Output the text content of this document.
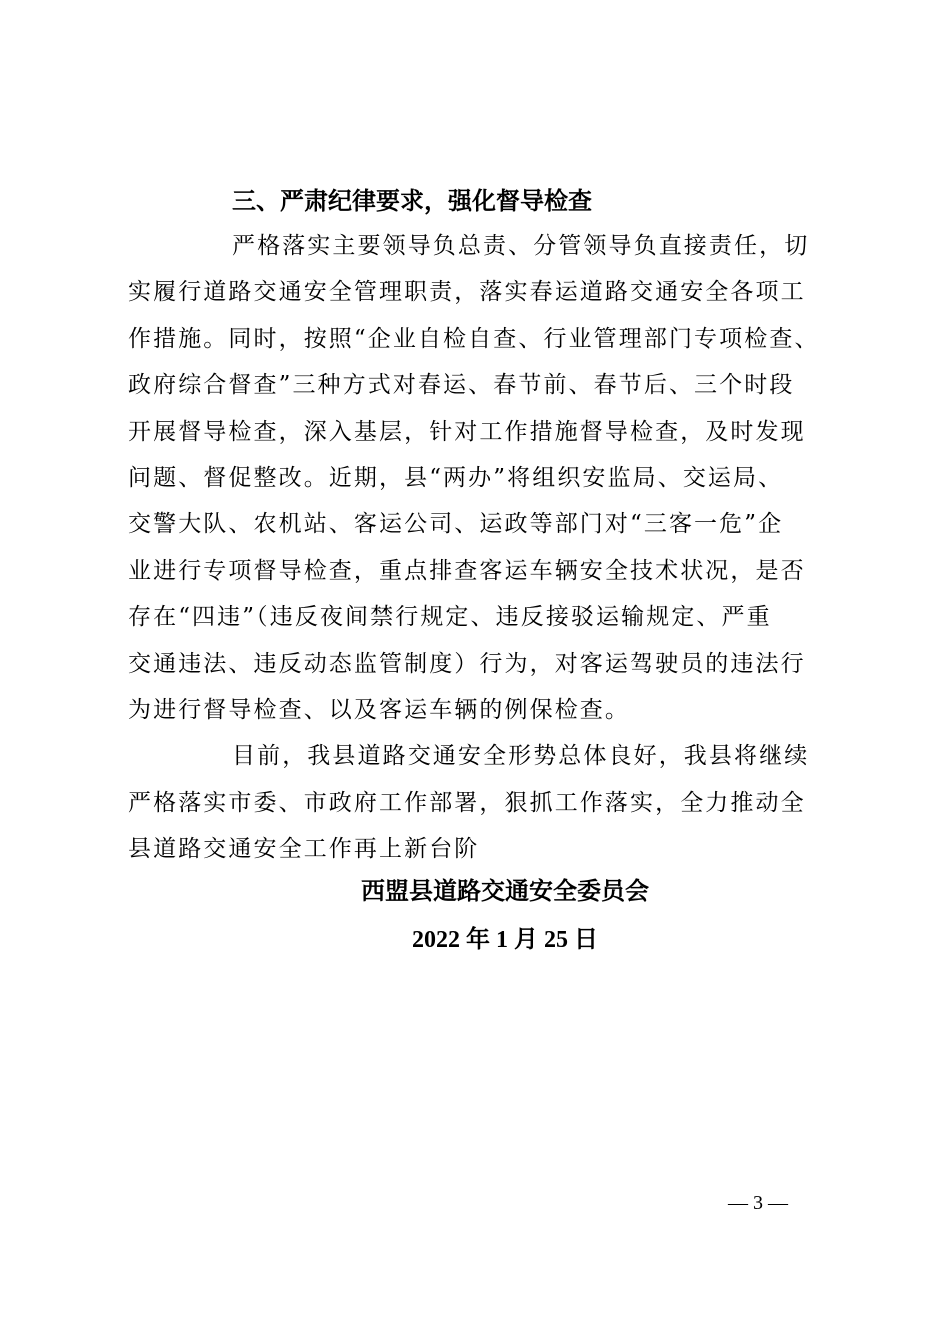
三、严肃纪律要求，强化督导检查

严格落实主要领导负总责、分管领导负直接责任，切
实履行道路交通安全管理职责，落实春运道路交通安全各项工
作措施。同时，按照“企业自检自查、行业管理部门专项检查、
政府综合督查”三种方式对春运、春节前、春节后、三个时段
开展督导检查，深入基层，针对工作措施督导检查，及时发现
问题、督促整改。近期，县“两办”将组织安监局、交运局、
交警大队、农机站、客运公司、运政等部门对“三客一危”企
业进行专项督导检查，重点排查客运车辆安全技术状况，是否
存在“四违”（违反夜间禁行规定、违反接驳运输规定、严重
交通违法、违反动态监管制度）行为，对客运驾驶员的违法行
为进行督导检查、以及客运车辆的例保检查。

目前，我县道路交通安全形势总体良好，我县将继续
严格落实市委、市政府工作部署，狠抓工作落实，全力推动全
县道路交通安全工作再上新台阶

西盟县道路交通安全委员会
2022 年 1 月 25 日
— 3 —
